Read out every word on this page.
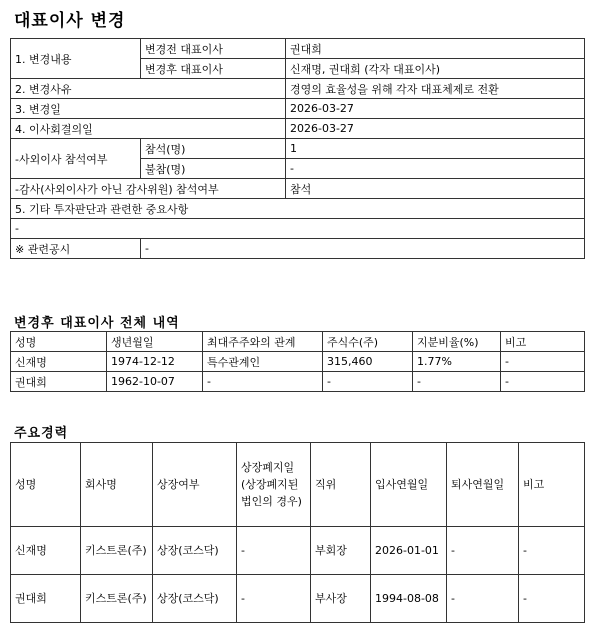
대표이사 변경
1. 변경내용	변경전 대표이사	권대희
	변경후 대표이사	신재명, 권대희 (각자 대표이사)
2. 변경사유		경영의 효율성을 위해 각자 대표체제로 전환
3. 변경일		2026-03-27
4. 이사회결의일		2026-03-27
-사외이사 참석여부	참석(명)	1
	불참(명)	-
-감사(사외이사가 아닌 감사위원) 참석여부		참석
5. 기타 투자판단과 관련한 중요사항		
-		
※ 관련공시	-	
변경후 대표이사 전체 내역
성명	생년월일	최대주주와의 관계	주식수(주)	지분비율(%)	비고
신재명	1974-12-12	특수관계인	315,460	1.77%	-
권대희	1962-10-07	-	-	-	-
주요경력
성명	회사명	상장여부	상장폐지일(상장폐지된 법인의 경우)	직위	입사연월일	퇴사연월일	비고
신재명	키스트론(주)	상장(코스닥)	-	부회장	2026-01-01	-	-
권대희	키스트론(주)	상장(코스닥)	-	부사장	1994-08-08	-	-
